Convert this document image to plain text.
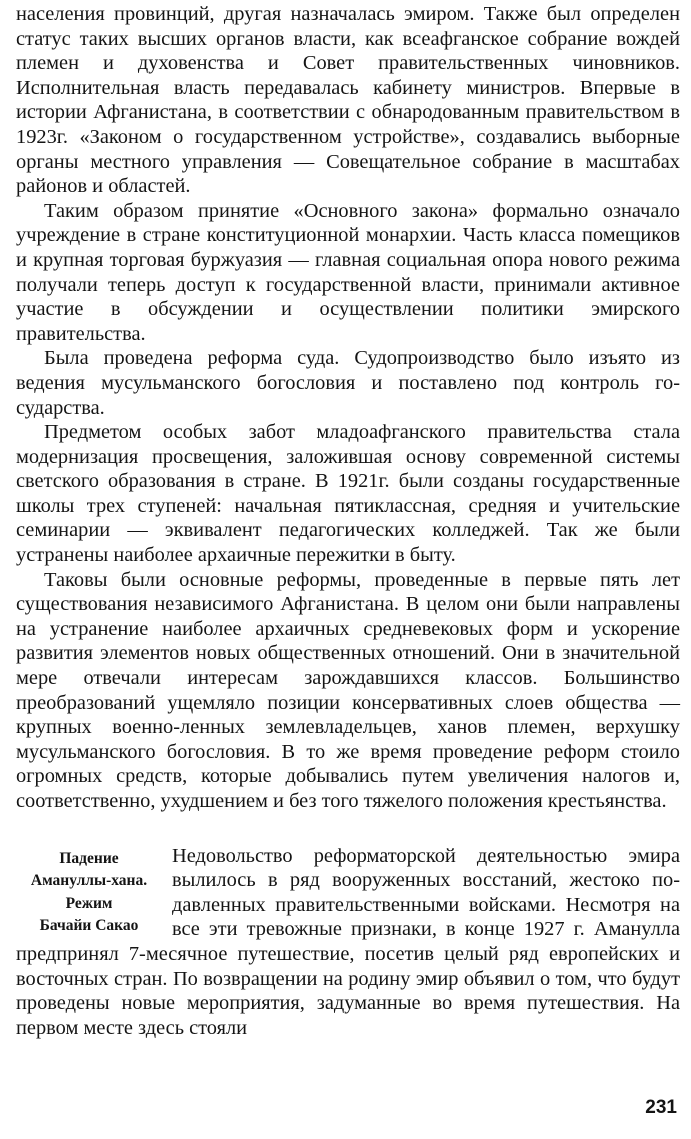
населения провинций, другая назначалась эмиром. Также был определен статус таких высших органов власти, как всеафганское собрание вождей племен и духовенства и Совет правительственных чиновников. Исполнительная власть передавалась кабинету министров. Впервые в истории Афганистана, в соответствии с обнародованным правительством в 1923г. «Законом о государственном устройстве», создавались выборные органы местного управления — Совещательное собрание в масштабах районов и областей.

Таким образом принятие «Основного закона» формально означало учреждение в стране конституционной монархии. Часть класса помещиков и крупная торговая буржуазия — главная социальная опора нового режима получали теперь доступ к государственной власти, принимали активное участие в обсуждении и осуществлении политики эмирского правительства.

Была проведена реформа суда. Судопроизводство было изъято из ведения мусульманского богословия и поставлено под контроль государства.

Предметом особых забот младоафганского правительства стала модернизация просвещения, заложившая основу современной системы светского образования в стране. В 1921г. были созданы государственные школы трех ступеней: начальная пятиклассная, средняя и учительские семинарии — эквивалент педагогических колледжей. Так же были устранены наиболее архаичные пережитки в быту.

Таковы были основные реформы, проведенные в первые пять лет существования независимого Афганистана. В целом они были направлены на устранение наиболее архаичных средневековых форм и ускорение развития элементов новых общественных отношений. Они в значительной мере отвечали интересам зарождавшихся классов. Большинство преобразований ущемляло позиции консервативных слоев общества — крупных военно-ленных землевладельцев, ханов племен, верхушку мусульманского богословия. В то же время проведение реформ стоило огромных средств, которые добывались путем увеличения налогов и, соответственно, ухудшением и без того тяжелого положения крестьянства.

Падение
Амануллы-хана.
Режим
Бачайи Сакао

Недовольство реформаторской деятельностью эмира вылилось в ряд вооруженных восстаний, жестоко подавленных правительственными войсками. Несмотря на все эти тревожные признаки, в конце 1927 г. Аманулла предпринял 7-месячное путешествие, посетив целый ряд европейских и восточных стран. По возвращении на родину эмир объявил о том, что будут проведены новые мероприятия, задуманные во время путешествия. На первом месте здесь стояли

231
